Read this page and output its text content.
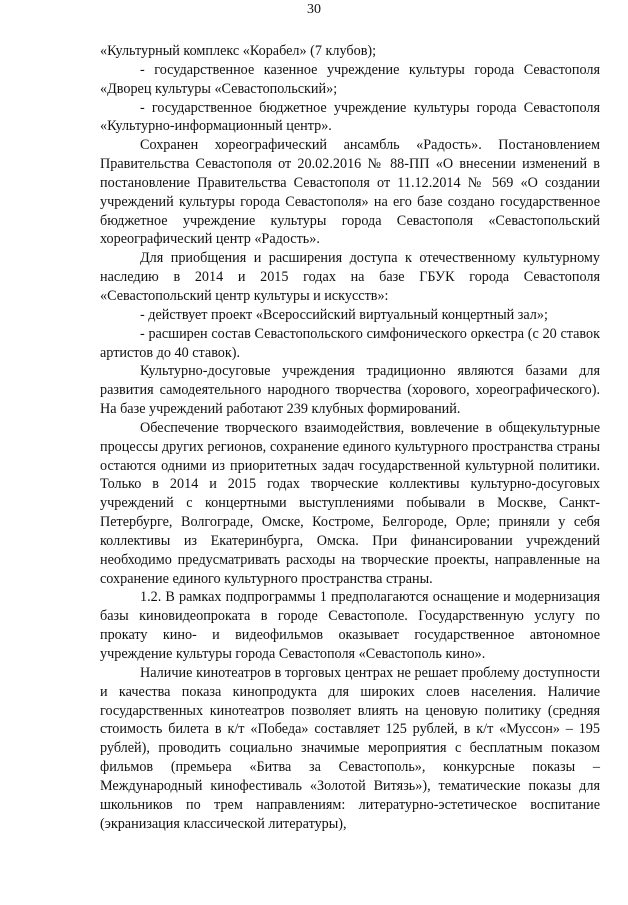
30

«Культурный комплекс «Корабел» (7 клубов);

- государственное казенное учреждение культуры города Севастополя «Дворец культуры «Севастопольский»;

- государственное бюджетное учреждение культуры города Севастополя «Культурно-информационный центр».

Сохранен хореографический ансамбль «Радость». Постановлением Правительства Севастополя от 20.02.2016 № 88-ПП «О внесении изменений в постановление Правительства Севастополя от 11.12.2014 № 569 «О создании учреждений культуры города Севастополя» на его базе создано государственное бюджетное учреждение культуры города Севастополя «Севастопольский хореографический центр «Радость».

Для приобщения и расширения доступа к отечественному культурному наследию в 2014 и 2015 годах на базе ГБУК города Севастополя «Севастопольский центр культуры и искусств»:

- действует проект «Всероссийский виртуальный концертный зал»;

- расширен состав Севастопольского симфонического оркестра (с 20 ставок артистов до 40 ставок).

Культурно-досуговые учреждения традиционно являются базами для развития самодеятельного народного творчества (хорового, хореографического). На базе учреждений работают 239 клубных формирований.

Обеспечение творческого взаимодействия, вовлечение в общекультурные процессы других регионов, сохранение единого культурного пространства страны остаются одними из приоритетных задач государственной культурной политики. Только в 2014 и 2015 годах творческие коллективы культурно-досуговых учреждений с концертными выступлениями побывали в Москве, Санкт-Петербурге, Волгограде, Омске, Костроме, Белгороде, Орле; приняли у себя коллективы из Екатеринбурга, Омска. При финансировании учреждений необходимо предусматривать расходы на творческие проекты, направленные на сохранение единого культурного пространства страны.

1.2. В рамках подпрограммы 1 предполагаются оснащение и модернизация базы киновидеопроката в городе Севастополе. Государственную услугу по прокату кино- и видеофильмов оказывает государственное автономное учреждение культуры города Севастополя «Севастополь кино».

Наличие кинотеатров в торговых центрах не решает проблему доступности и качества показа кинопродукта для широких слоев населения. Наличие государственных кинотеатров позволяет влиять на ценовую политику (средняя стоимость билета в к/т «Победа» составляет 125 рублей, в к/т «Муссон» – 195 рублей), проводить социально значимые мероприятия с бесплатным показом фильмов (премьера «Битва за Севастополь», конкурсные показы – Международный кинофестиваль «Золотой Витязь»), тематические показы для школьников по трем направлениям: литературно-эстетическое воспитание (экранизация классической литературы),
